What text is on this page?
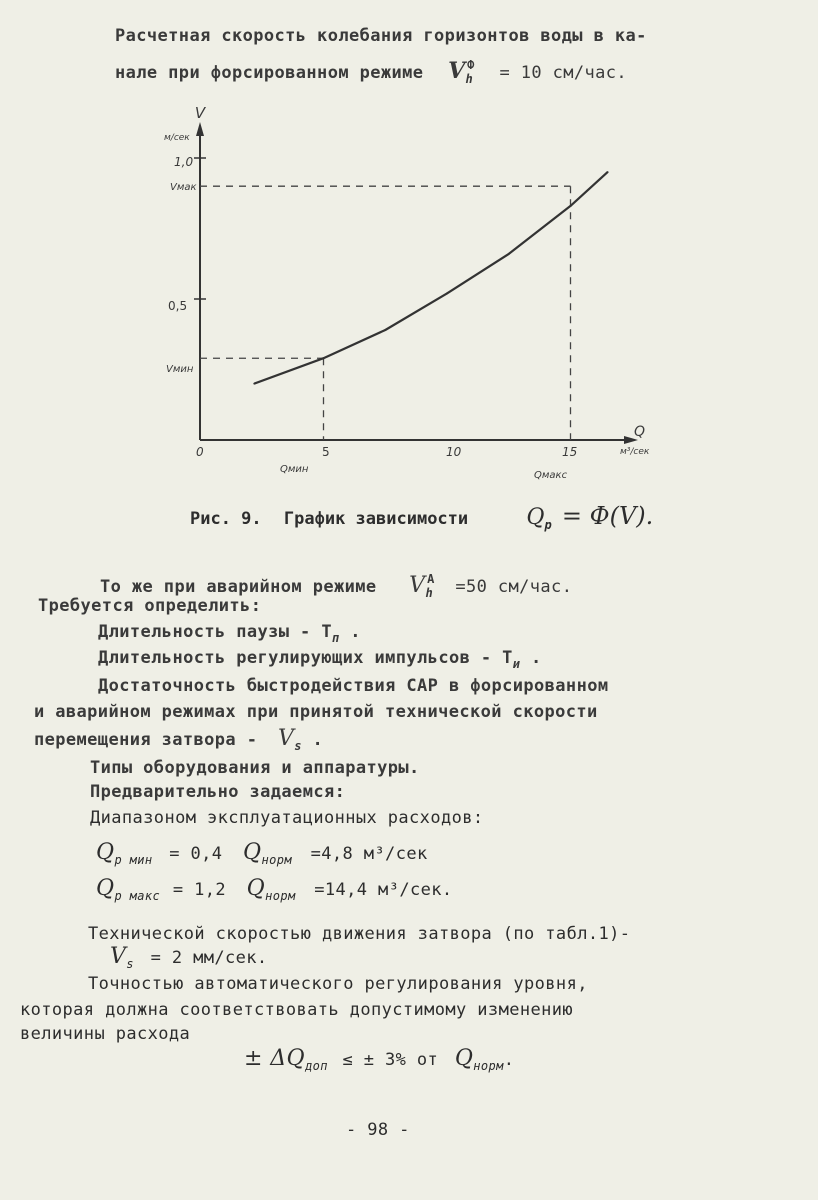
Расчетная скорость колебания горизонтов воды в ка-
нале при форсированном режиме $V_h^Ф = 10$ см/час.
V
м/сек
Q
м³/сек
1,0
0,5
Vмак
Vмин
0	5	10	15
Qмин
Qмакс
Рис. 9. График зависимости	$Q_p = Ф(V)$.
То же при аварийном режиме $V_h^A =50$ см/час.
Требуется определить:
Длительность паузы - $T_п$ .
Длительность регулирующих импульсов - $T_и$ .
Достаточность быстродействия САР в форсированном
и аварийном режимах при принятой технической скорости
перемещения затвора - $V_s$ .
Типы оборудования и аппаратуры.
Предварительно задаемся:
Диапазоном эксплуатационных расходов:
$Q_{р мин} = 0,4$ $Q_{норм} =4,8$ м³/сек
$Q_{р макс} = 1,2$ $Q_{норм} =14,4$ м³/сек.
Технической скоростью движения затвора (по табл.1)-
$V_s = 2$ мм/сек.
Точностью автоматического регулирования уровня,
которая должна соответствовать допустимому изменению
величины расхода
± $\Delta Q_{доп}$ ≤ ± 3% от $Q_{норм}$.
- 98 -
